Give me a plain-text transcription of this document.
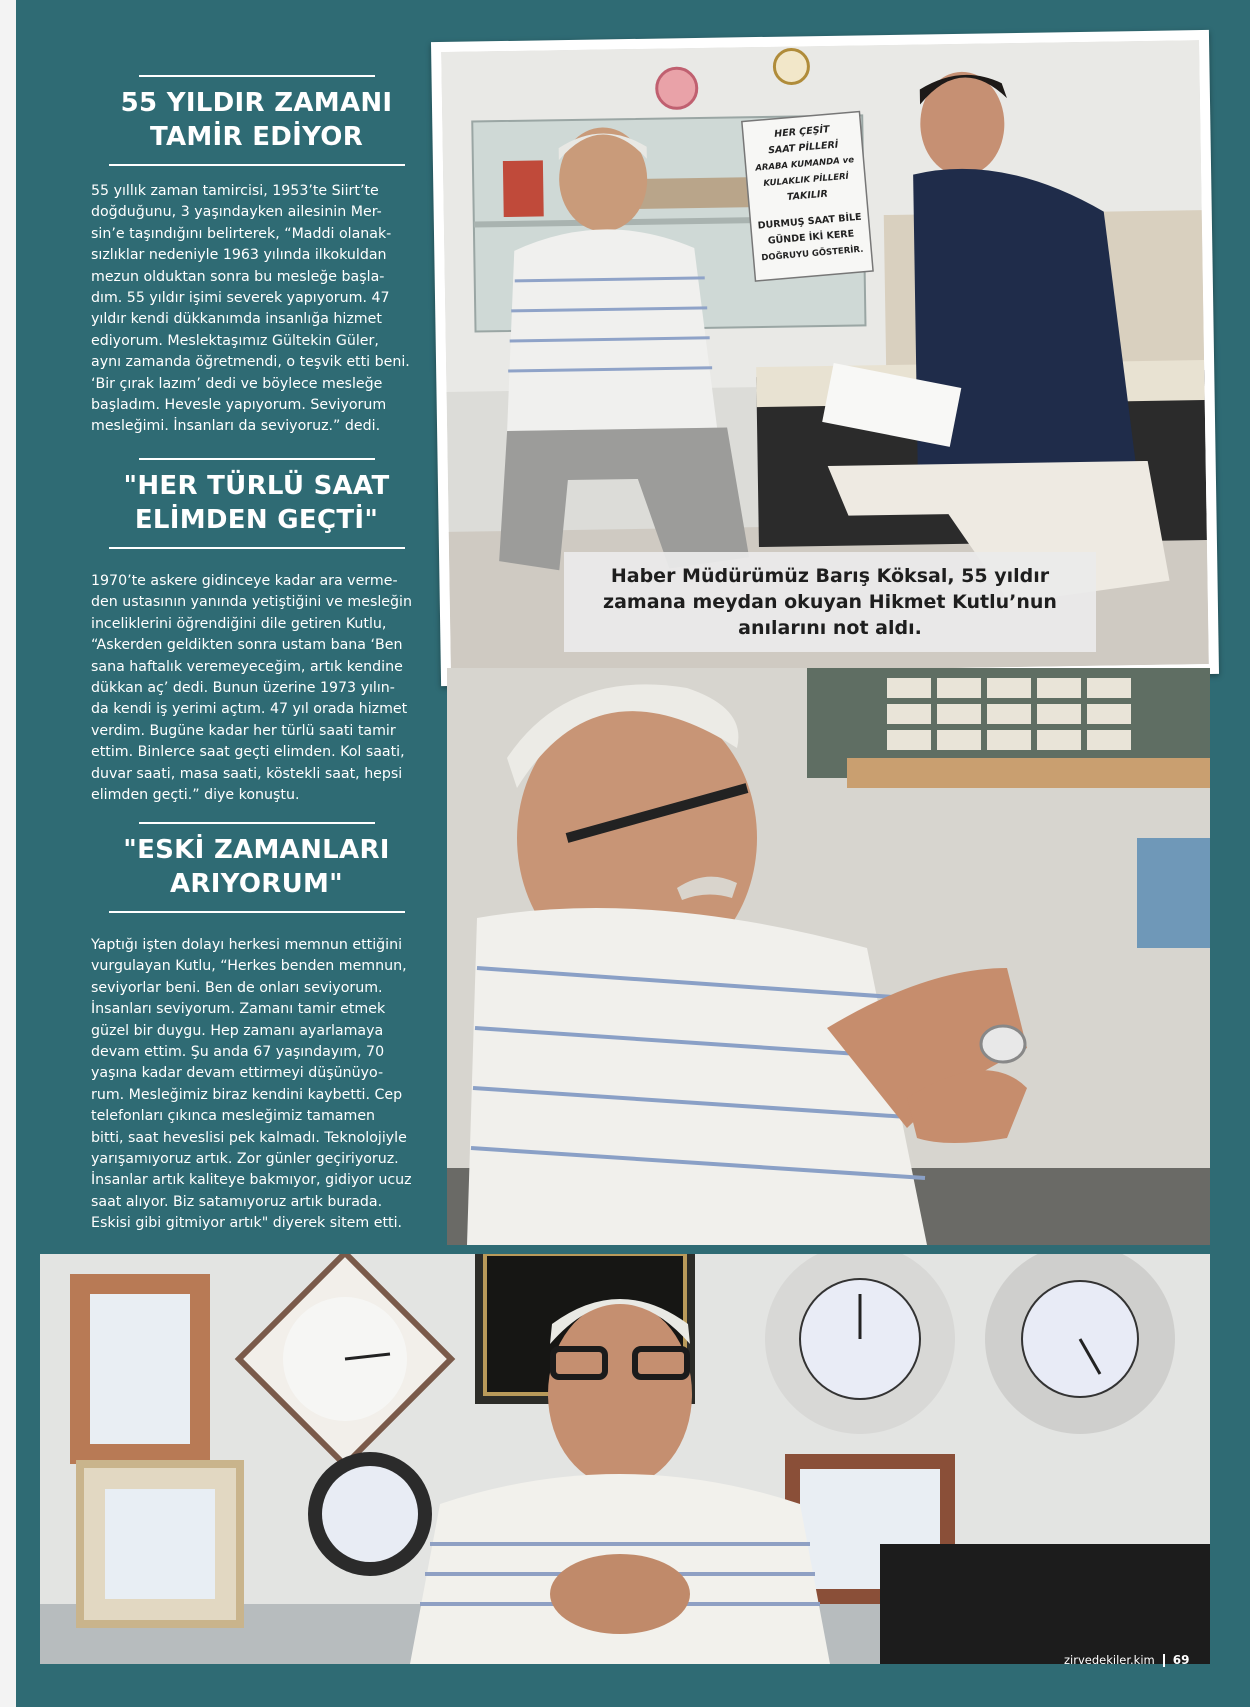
55 YILDIR ZAMANI
TAMİR EDİYOR

55 yıllık zaman tamircisi, 1953’te Siirt’te
doğduğunu, 3 yaşındayken ailesinin Mer-
sin’e taşındığını belirterek, “Maddi olanak-
sızlıklar nedeniyle 1963 yılında ilkokuldan
mezun olduktan sonra bu mesleğe başla-
dım. 55 yıldır işimi severek yapıyorum. 47
yıldır kendi dükkanımda insanlığa hizmet
ediyorum. Meslektaşımız Gültekin Güler,
aynı zamanda öğretmendi, o teşvik etti beni.
‘Bir çırak lazım’ dedi ve böylece mesleğe
başladım. Hevesle yapıyorum. Seviyorum
mesleğimi. İnsanları da seviyoruz.” dedi.

"HER TÜRLÜ SAAT
ELİMDEN GEÇTİ"

1970’te askere gidinceye kadar ara verme-
den ustasının yanında yetiştiğini ve mesleğin
inceliklerini öğrendiğini dile getiren Kutlu,
“Askerden geldikten sonra ustam bana ‘Ben
sana haftalık veremeyeceğim, artık kendine
dükkan aç’ dedi. Bunun üzerine 1973 yılın-
da kendi iş yerimi açtım. 47 yıl orada hizmet
verdim. Bugüne kadar her türlü saati tamir
ettim. Binlerce saat geçti elimden. Kol saati,
duvar saati, masa saati, köstekli saat, hepsi
elimden geçti.” diye konuştu.

"ESKİ ZAMANLARI
ARIYORUM"

Yaptığı işten dolayı herkesi memnun ettiğini
vurgulayan Kutlu, “Herkes benden memnun,
seviyorlar beni. Ben de onları seviyorum.
İnsanları seviyorum. Zamanı tamir etmek
güzel bir duygu. Hep zamanı ayarlamaya
devam ettim. Şu anda 67 yaşındayım, 70
yaşına kadar devam ettirmeyi düşünüyo-
rum. Mesleğimiz biraz kendini kaybetti. Cep
telefonları çıkınca mesleğimiz tamamen
bitti, saat heveslisi pek kalmadı. Teknolojiyle
yarışamıyoruz artık. Zor günler geçiriyoruz.
İnsanlar artık kaliteye bakmıyor, gidiyor ucuz
saat alıyor. Biz satamıyoruz artık burada.
Eskisi gibi gitmiyor artık" diyerek sitem etti.

HER ÇEŞİT
SAAT PİLLERİ
ARABA KUMANDA ve
KULAKLIK PİLLERİ
TAKILIR
DURMUŞ SAAT BİLE
GÜNDE İKİ KERE
DOĞRUYU GÖSTERİR.
Haber Müdürümüz Barış Köksal, 55 yıldır
zamana meydan okuyan Hikmet Kutlu’nun
anılarını not aldı.
zirvedekiler.kim 69
